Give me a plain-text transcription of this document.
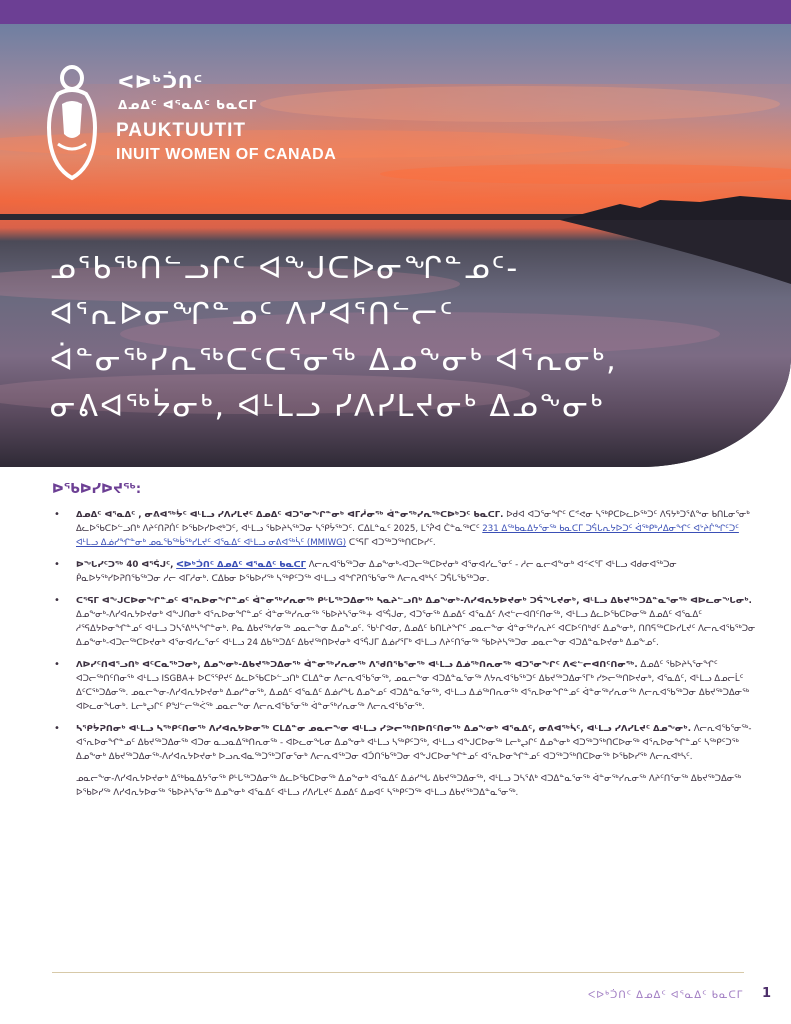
ᐸᐅᒃᑑᑎᑦ
ᐃᓄᐃᑦ ᐊᕐᓇᐃᑦ ᑲᓇᑕᒥ
PAUKTUUTIT
INUIT WOMEN OF CANADA
ᓄᕐᑲᖅᑎᓪᓗᒋᑦ ᐊᖕᒍᑕᐅᓂᖏᓐᓄᑦ-
ᐊᕐᕆᐅᓂᖏᓐᓄᑦ ᐱᓯᐊᕐᑎᓪᓕᑦ
ᐋᓐᓂᖅᓯᕆᖅᑕᑦᑕᕐᓂᖅ ᐃᓄᖕᓂᒃ ᐊᕐᕆᓂᒃ,
ᓂᕕᐊᖅᔮᓂᒃ, ᐊᒻᒪᓗ ᓯᐱᓯᒪᔪᓂᒃ ᐃᓄᖕᓂᒃ
ᐅᖃᐅᓯᐅᔪᖅ:
• ᐃᓄᐃᑦ ᐊᕐᓇᐃᑦ , ᓂᕕᐊᖅᔮᑦ ᐊᒻᒪᓗ ᓯᐱᓯᒪᔪᑦ ᐃᓄᐃᑦ ᐊᑐᕐᓂᖏᓐᓂᒃ ᐊᒥᓲᓂᖅ ᐋᓐᓂᖅᓯᕆᖅᑕᐅᒃᑐᑦ ᑲᓇᑕᒥ. ᐅᑯᐊ ᐊᑐᕐᓂᖏᑦ ᑕᕝᕙᓂ ᓴᖅᑭᑕᐅᓚᐅᖅᑐᑦ ᐱᕋᔭᒃᑐᕐᕕᖕᓂ ᑲᑎᒪᓂᕐᓂᒃ ᐃᓚᐅᖃᑕᐅᓪᓗᑎᒃ ᐱᔨᑦᑎᕈᑏᑦ ᐅᖃᐅᓯᐅᕙᒃᑐᑦ, ᐊᒻᒪᓗ ᖃᐅᔨᓴᖅᑐᓂ ᓴᕿᔮᖅᑐᑦ. ᑕᐃᒪᓐᓇᑦ 2025, ᒪᕐᕉᐊ ᑖᓐᓇᖅᑕᑦ 231 ᐃᖅᑲᓇᐃᔭᕐᓂᖅ ᑲᓇᑕᒥ ᑐᕌᒐᕆᔭᐅᑐᑦ ᐋᖅᑭᒃᓱᐃᓂᖏᑦ ᐊᔾᔨᒌᖏᑦᑐᑦ ᐊᒻᒪᓗ ᐃᓅᓯᖏᓐᓂᒃ ᓄᓇᖃᖅᑳᖅᓯᒪᔪᑦ ᐊᕐᓇᐃᑦ ᐊᒻᒪᓗ ᓂᕕᐊᖅᓵᑦ (MMIWG) ᑕᕐᕋᒥ ᐊᑐᖅᑐᖅᑎᑕᐅᓯᑦ.
• ᐅᖓᓯᑦᑐᖅ 40 ᐊᕐᕌᒍᑦ, ᐸᐅᒃᑑᑎᑦ ᐃᓄᐃᑦ ᐊᕐᓇᐃᑦ ᑲᓇᑕᒥ ᐱᓕᕆᐊᖃᖅᑐᓂ ᐃᓄᖕᓂᒃ-ᐊᑐᓕᖅᑕᐅᔪᓂᒃ ᐊᕐᓂᐊᓯᓚᕐᓂᑦ - ᓱᓕ ᓇᓕᐊᖕᓂᒃ ᐊᑉᐸᕐᒥ ᐊᒻᒪᓗ ᐊᑯᓂᐊᖅᑐᓂ ᑮᓇᐅᔭᖅᓯᐅᕈᑎᖃᖅᑐᓂ ᓱᓕ ᐊᒥᓱᓂᒃ. ᑕᐃᑲᓂ ᐅᖃᐅᓯᖅ ᓴᖅᑭᑦᑐᖅ ᐊᒻᒪᓗ ᐊᖏᕈᑎᖃᕐᓂᖅ ᐱᓕᕆᐊᒃᓴᑦ ᑐᕌᒐᖃᖅᑐᓂ.
• ᑕᕐᕋᒥ ᐊᖕᒍᑕᐅᓂᖏᓐᓄᑦ ᐊᕐᕆᐅᓂᖏᓐᓄᑦ ᐋᓐᓂᖅᓯᕆᓂᖅ ᑭᒡᒐᖅᑐᐃᓂᖅ ᓴᓇᔨᓪᓗᑎᒃ ᐃᓄᖕᓂᒃ-ᐱᓯᐊᕆᔭᐅᔪᓂᒃ ᑐᕌᖓᔪᓂᒃ, ᐊᒻᒪᓗ ᐃᑲᔪᖅᑐᐃᓐᓇᕐᓂᖅ ᐊᐅᓚᓂᖓᓂᒃ. ᐃᓄᖕᓂᒃ-ᐱᓯᐊᕆᔭᐅᔪᓂᒃ ᐊᖕᒍᑎᓂᒃ ᐊᕐᕆᐅᓂᖏᓐᓄᑦ ᐋᓐᓂᖅᓯᕆᓂᖅ ᖃᐅᔨᓴᕐᓂᖅ+ ᐊᕐᕌᒍᓂ, ᐊᑐᕐᓂᖅ ᐃᓄᐃᑦ ᐊᕐᓇᐃᑦ ᐱᕙᓪᓕᐊᑎᑦᑎᓂᖅ, ᐊᒻᒪᓗ ᐃᓚᐅᖃᑕᐅᓂᖅ ᐃᓄᐃᑦ ᐊᕐᓇᐃᑦ ᓱᕐᕋᐃᔭᐅᓂᖏᓐᓄᑦ ᐊᒻᒪᓗ ᑐᓴᕐᕕᒃᓴᖏᓐᓂᒃ. ᑭᓇ ᐃᑲᔪᖅᓯᓂᖅ ᓄᓇᓕᖕᓂ ᐃᓄᖕᓄᑦ. ᖃᒡᒋᐊᓂ, ᐃᓄᐃᑦ ᑲᑎᒪᔨᖏᑦ ᓄᓇᓕᖕᓂ ᐋᓐᓂᖅᓯᕆᔨᑦ ᐊᑕᐅᑦᑎᒃᑯᑦ ᐃᓄᖕᓂᒃ, ᑎᑎᕋᖅᑕᐅᓯᒪᔪᑦ ᐱᓕᕆᐊᖃᖅᑐᓂ ᐃᓄᖕᓂᒃ-ᐊᑐᓕᖅᑕᐅᔪᓂᒃ ᐊᕐᓂᐊᓯᓚᕐᓂᑦ ᐊᒻᒪᓗ 24 ᐃᑲᖅᑐᐃᑦ ᐃᑲᔪᖅᑎᐅᔪᓂᒃ ᐊᕐᕌᒍᒥ ᐃᓅᓯᕐᒥᒃ ᐊᒻᒪᓗ ᐱᔨᑦᑎᕐᓂᖅ ᖃᐅᔨᓴᖅᑐᓂ ᓄᓇᓕᖕᓂ ᐊᑐᐃᓐᓇᐅᔪᓂᒃ ᐃᓄᖕᓄᑦ.
• ᐱᐅᓯᑦᑎᐊᕐᓗᑎᒃ ᐊᑦᑕᓇᖅᑐᓂᒃ, ᐃᓄᖕᓂᒃ-ᐃᑲᔪᖅᑐᐃᓂᖅ ᐋᓐᓂᖅᓯᕆᓂᖅ ᐱᖁᑎᖃᕐᓂᖅ ᐊᒻᒪᓗ ᐃᓅᖅᑎᕆᓂᖅ ᐊᑐᕐᓂᖏᑦ ᐱᕙᓪᓕᐊᑎᑦᑎᓂᖅ. ᐃᓄᐃᑦ ᖃᐅᔨᓴᕐᓂᖏᑦ ᐊᑐᓕᖅᑎᑦᑎᓂᖅ ᐊᒻᒪᓗ ISGBA+ ᐅᑕᕐᕿᔪᑦ ᐃᓚᐅᖃᑕᐅᓪᓗᑎᒃ ᑕᒪᐃᓐᓂ ᐱᓕᕆᐊᖃᕐᓂᖅ, ᓄᓇᓕᖕᓂ ᐊᑐᐃᓐᓇᕐᓂᖅ ᐱᔭᕆᐊᖃᖅᑐᑦ ᐃᑲᔪᖅᑐᐃᓂᕐᒥᒃ ᓯᕗᓕᖅᑎᐅᔪᓂᒃ, ᐊᕐᓇᐃᑦ, ᐊᒻᒪᓗ ᐃᓄᓕᒫᑦ ᐃᑦᑕᖅᑐᐃᓂᖅ. ᓄᓇᓕᖕᓂ-ᐱᓯᐊᕆᔭᐅᔪᓂᒃ ᐃᓄᓯᓐᓂᖅ, ᐃᓄᐃᑦ ᐊᕐᓇᐃᑦ ᐃᓅᓯᖓ ᐃᓄᖕᓄᑦ ᐊᑐᐃᓐᓇᕐᓂᖅ, ᐊᒻᒪᓗ ᐃᓅᖅᑎᕆᓂᖅ ᐊᕐᕆᐅᓂᖏᓐᓄᑦ ᐋᓐᓂᖅᓯᕆᓂᖅ ᐱᓕᕆᐊᖃᖅᑐᓂ ᐃᑲᔪᖅᑐᐃᓂᖅ ᐊᐅᓚᓂᖓᓂᒃ. ᒪᓕᒃᖢᒋᑦ ᑭᖑᓪᓕᖅᐹᖅ ᓄᓇᓕᖕᓂ ᐱᓕᕆᐊᖃᕐᓂᖅ ᐋᓐᓂᖅᓯᕆᓂᖅ ᐱᓕᕆᐊᖃᕐᓂᖅ.
• ᓴᕿᔮᕈᑎᓂᒃ ᐊᒻᒪᓗ ᓴᖅᑭᑦᑎᓂᖅ ᐱᓯᐊᕆᔭᐅᓂᖅ ᑕᒪᐃᓐᓂ ᓄᓇᓕᖕᓂ ᐊᒻᒪᓗ ᓯᕗᓕᖅᑎᐅᑎᑦᑎᓂᖅ ᐃᓄᖕᓂᒃ ᐊᕐᓇᐃᑦ, ᓂᕕᐊᖅᓵᑦ, ᐊᒻᒪᓗ ᓯᐱᓯᒪᔪᑦ ᐃᓄᖕᓂᒃ. ᐱᓕᕆᐊᖃᕐᓂᖅ-ᐊᕐᕆᐅᓂᖏᓐᓄᑦ ᐃᑲᔪᖅᑐᐃᓂᖅ ᐊᑐᓂ ᓇᓗᓇᐃᖅᑎᕆᓂᖅ - ᐊᐅᓚᓂᖓᓂ ᐃᓄᖕᓂᒃ ᐊᒻᒪᓗ ᓴᖅᑭᑦᑐᖅ, ᐊᒻᒪᓗ ᐊᖕᒍᑕᐅᓂᖅ ᒪᓕᒃᖢᒋᑦ ᐃᓄᖕᓂᒃ ᐊᑐᖅᑐᖅᑎᑕᐅᓂᖅ ᐊᕐᕆᐅᓂᖏᓐᓄᑦ ᓴᖅᑭᑦᑐᖅ ᐃᓄᖕᓂᒃ ᐃᑲᔪᖅᑐᐃᓂᖅ-ᐱᓯᐊᕆᔭᐅᔪᓂᒃ ᐅᓗᕆᐊᓇᖅᑐᖅᑐᒥᓂᕐᓂᒃ ᐱᓕᕆᐊᖅᑐᓂ ᐊᑑᑎᖃᖅᑐᓂ ᐊᖕᒍᑕᐅᓂᖏᓐᓄᑦ ᐊᕐᕆᐅᓂᖏᓐᓄᑦ ᐊᑐᖅᑐᖅᑎᑕᐅᓂᖅ ᐅᖃᐅᓯᖅ ᐱᓕᕆᐊᒃᓴᑦ.
ᓄᓇᓕᖕᓂ-ᐱᓯᐊᕆᔭᐅᔪᓂᒃ ᐃᖅᑲᓇᐃᔭᕐᓂᖅ ᑭᒡᒐᖅᑐᐃᓂᖅ ᐃᓚᐅᖃᑕᐅᓂᖅ ᐃᓄᖕᓂᒃ ᐊᕐᓇᐃᑦ ᐃᓅᓯᖓ ᐃᑲᔪᖅᑐᐃᓂᖅ, ᐊᒻᒪᓗ ᑐᓴᕐᕕᒃ ᐊᑐᐃᓐᓇᕐᓂᖅ ᐋᓐᓂᖅᓯᕆᓂᖅ ᐱᔨᑦᑎᕐᓂᖅ ᐃᑲᔪᖅᑐᐃᓂᖅ ᐅᖃᐅᓯᖅ ᐱᓯᐊᕆᔭᐅᓂᖅ ᖃᐅᔨᓴᕐᓂᖅ ᐃᓄᖕᓂᒃ ᐊᕐᓇᐃᑦ ᐊᒻᒪᓗ ᓯᐱᓯᒪᔪᑦ ᐃᓄᐃᑦ ᐃᓄᐊᑦ ᓴᖅᑭᑦᑐᖅ ᐊᒻᒪᓗ ᐃᑲᔪᖅᑐᐃᓐᓇᕐᓂᖅ.
ᐸᐅᒃᑑᑎᑦ ᐃᓄᐃᑦ ᐊᕐᓇᐃᑦ ᑲᓇᑕᒥ 1
